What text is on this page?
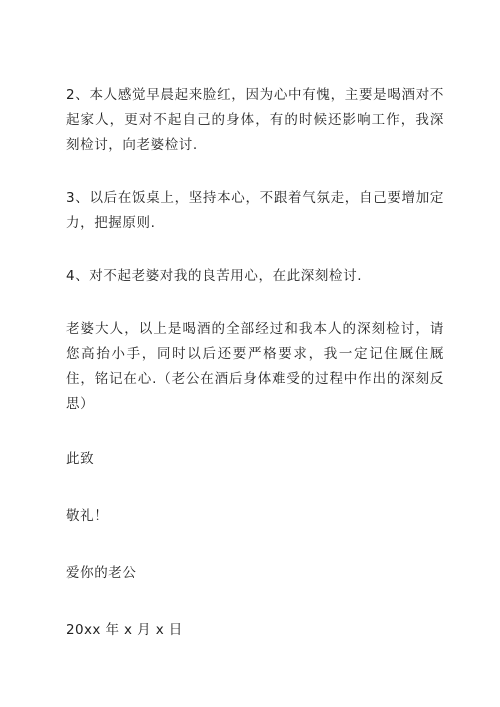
2、本人感觉早晨起来脸红，因为心中有愧，主要是喝酒对不起家人，更对不起自己的身体，有的时候还影响工作，我深刻检讨，向老婆检讨.

3、以后在饭桌上，坚持本心，不跟着气氛走，自己要增加定力，把握原则.

4、对不起老婆对我的良苦用心，在此深刻检讨.

老婆大人，以上是喝酒的全部经过和我本人的深刻检讨，请您高抬小手，同时以后还要严格要求，我一定记住厩住厩住，铭记在心.（老公在酒后身体难受的过程中作出的深刻反思）

此致

敬礼！

爱你的老公

20xx 年 x 月 x 日
